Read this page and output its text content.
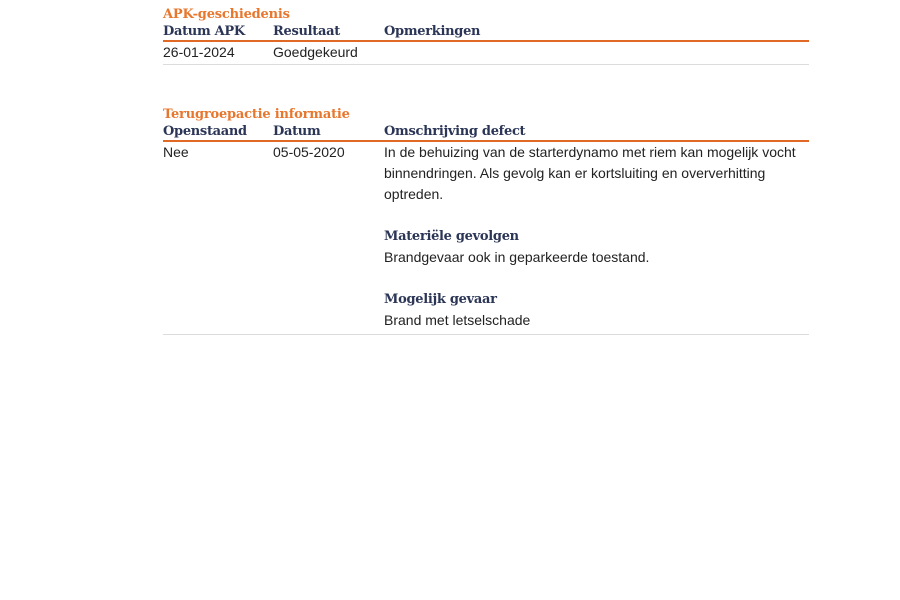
APK-geschiedenis
Datum APK	Resultaat	Opmerkingen
26-01-2024	Goedgekeurd
Terugroepactie informatie
Openstaand	Datum	Omschrijving defect
Nee	05-05-2020	In de behuizing van de starterdynamo met riem kan mogelijk vocht binnendringen. Als gevolg kan er kortsluiting en oververhitting optreden.
Materiële gevolgen
Brandgevaar ook in geparkeerde toestand.
Mogelijk gevaar
Brand met letselschade
